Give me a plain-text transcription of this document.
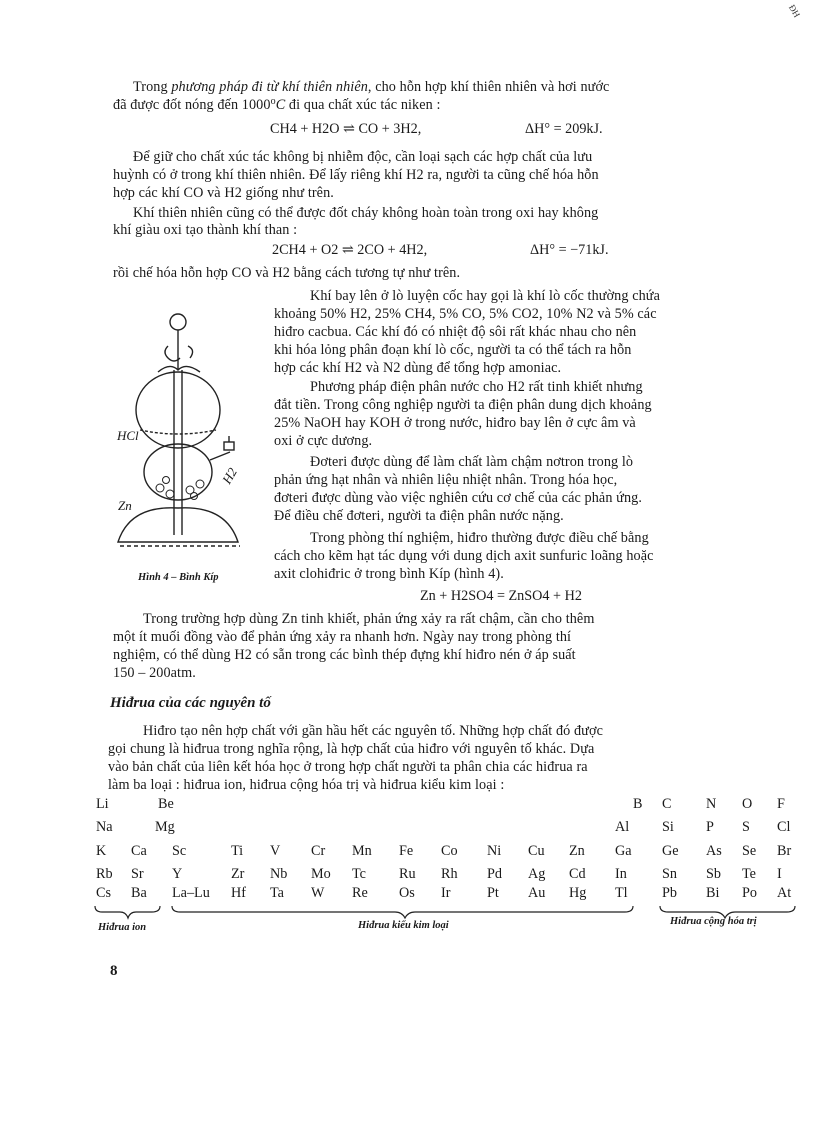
ĐH
Trong phương pháp đi từ khí thiên nhiên, cho hỗn hợp khí thiên nhiên và hơi nước
đã được đốt nóng đến 1000$^o$C đi qua chất xúc tác niken :
CH4 + H2O ⇌ CO + 3H2,	ΔH° = 209kJ.
Để giữ cho chất xúc tác không bị nhiễm độc, cần loại sạch các hợp chất của lưu
huỳnh có ở trong khí thiên nhiên. Để lấy riêng khí H2 ra, người ta cũng chế hóa hỗn
hợp các khí CO và H2 giống như trên.
Khí thiên nhiên cũng có thể được đốt cháy không hoàn toàn trong oxi hay không
khí giàu oxi tạo thành khí than :
2CH4 + O2 ⇌ 2CO + 4H2,	ΔH° = −71kJ.
rồi chế hóa hỗn hợp CO và H2 bằng cách tương tự như trên.
Khí bay lên ở lò luyện cốc hay gọi là khí lò cốc thường chứa
khoảng 50% H2, 25% CH4, 5% CO, 5% CO2, 10% N2 và 5% các
hiđro cacbua. Các khí đó có nhiệt độ sôi rất khác nhau cho nên
khi hóa lỏng phân đoạn khí lò cốc, người ta có thể tách ra hỗn
hợp các khí H2 và N2 dùng để tổng hợp amoniac.
Phương pháp điện phân nước cho H2 rất tinh khiết nhưng
đắt tiền. Trong công nghiệp người ta điện phân dung dịch khoảng
25% NaOH hay KOH ở trong nước, hiđro bay lên ở cực âm và
oxi ở cực dương.
Đơteri được dùng để làm chất làm chậm nơtron trong lò
phản ứng hạt nhân và nhiên liệu nhiệt nhân. Trong hóa học,
đơteri được dùng vào việc nghiên cứu cơ chế của các phản ứng.
Để điều chế đơteri, người ta điện phân nước nặng.
Trong phòng thí nghiệm, hiđro thường được điều chế bằng
cách cho kẽm hạt tác dụng với dung dịch axit sunfuric loãng hoặc
axit clohiđric ở trong bình Kíp (hình 4).
Zn + H2SO4 = ZnSO4 + H2
HCl
H2
Zn
Hình 4 – Bình Kíp
Trong trường hợp dùng Zn tinh khiết, phản ứng xảy ra rất chậm, cần cho thêm
một ít muối đồng vào để phản ứng xảy ra nhanh hơn. Ngày nay trong phòng thí
nghiệm, có thể dùng H2 có sẵn trong các bình thép đựng khí hiđro nén ở áp suất
150 – 200atm.
Hiđrua của các nguyên tố
Hiđro tạo nên hợp chất với gần hầu hết các nguyên tố. Những hợp chất đó được
gọi chung là hiđrua trong nghĩa rộng, là hợp chất của hiđro với nguyên tố khác. Dựa
vào bản chất của liên kết hóa học ở trong hợp chất người ta phân chia các hiđrua ra
làm ba loại : hiđrua ion, hiđrua cộng hóa trị và hiđrua kiểu kim loại :
Li	Be	B C N O F
Na	Mg	Al Si P S Cl
K Ca Sc	Ti V Cr Mn Fe Co Ni Cu Zn Ga Ge As Se Br
Rb Sr Y	Zr Nb Mo Tc Ru Rh Pd Ag Cd In Sn Sb Te I
Cs Ba La–Lu Hf Ta W Re Os Ir	Pt Au Hg Tl Pb Bi Po At
Hiđrua ion	Hiđrua kiểu kim loại	Hiđrua cộng hóa trị
8
